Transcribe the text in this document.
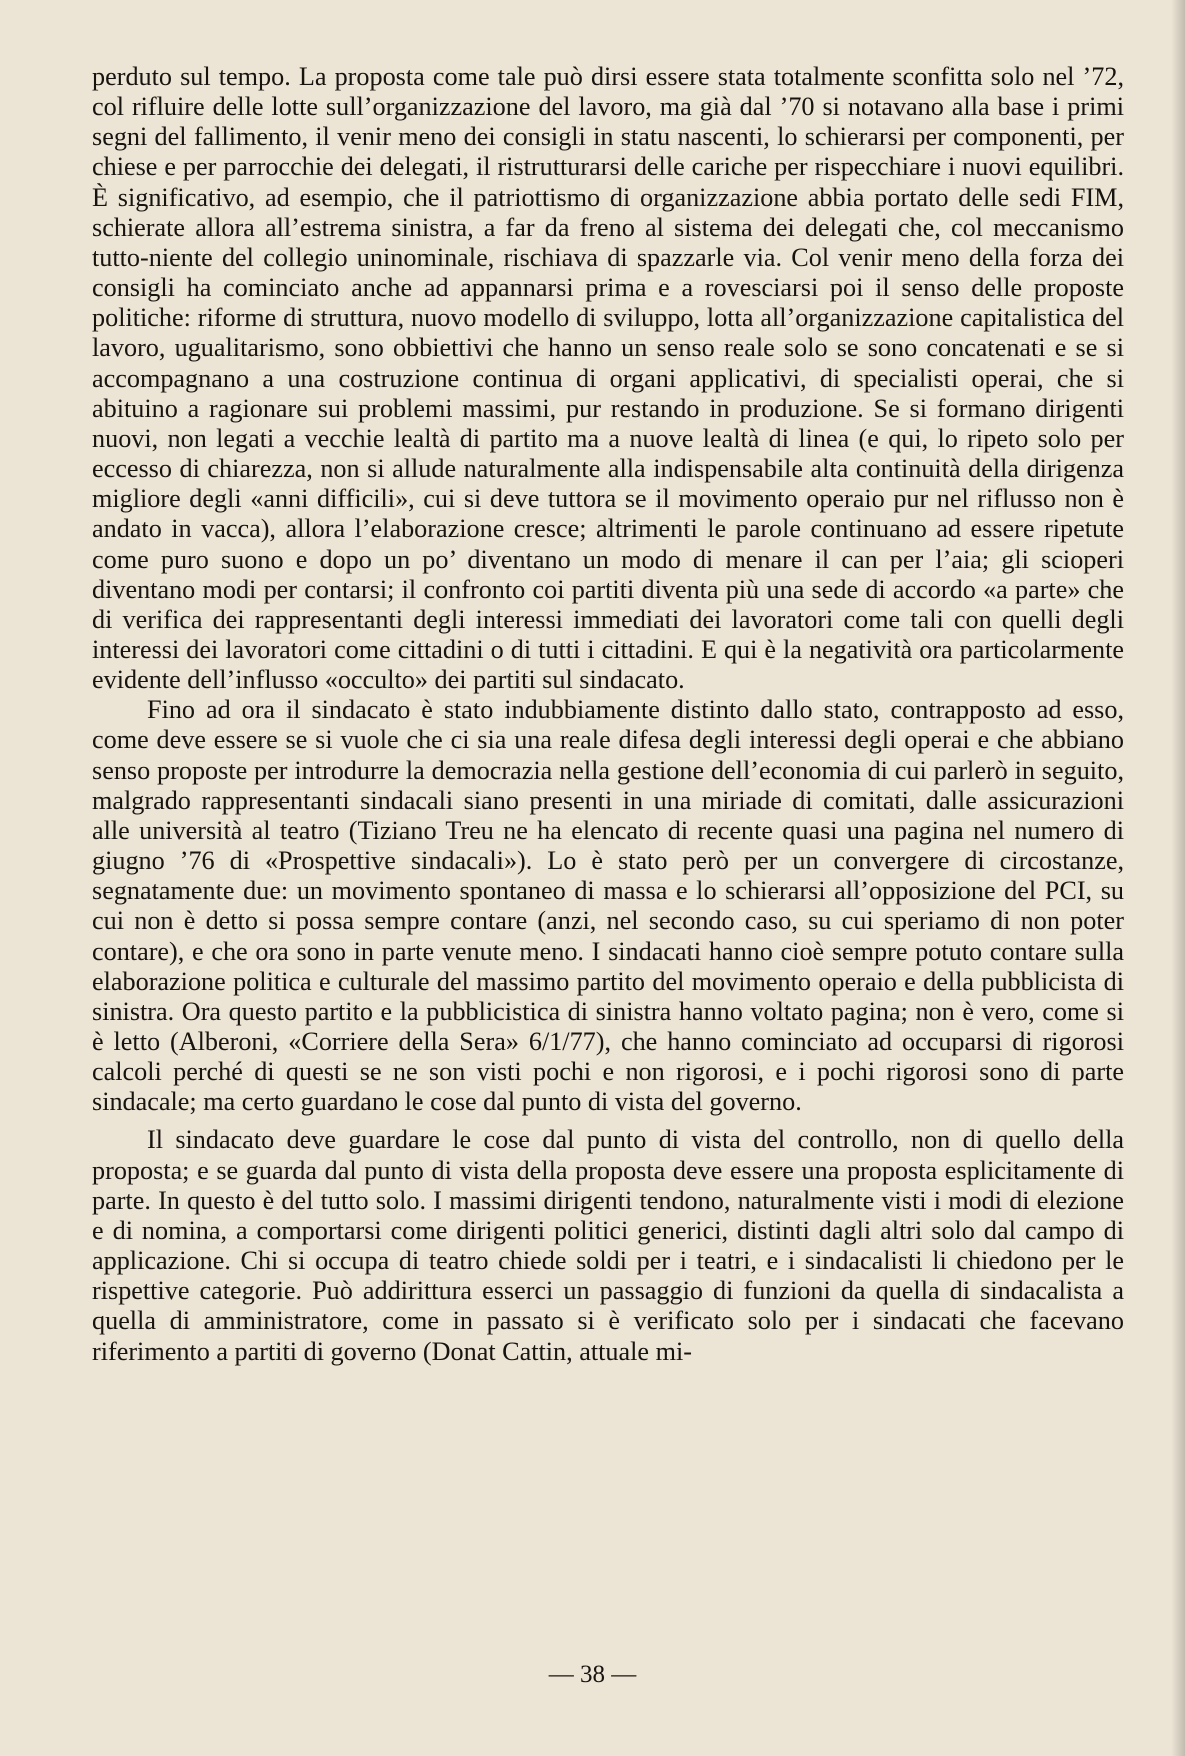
perduto sul tempo. La proposta come tale può dirsi essere stata totalmente sconfitta solo nel ’72, col rifluire delle lotte sull’organizzazione del lavoro, ma già dal ’70 si notavano alla base i primi segni del fallimento, il venir meno dei consigli in statu nascenti, lo schierarsi per componenti, per chiese e per parrocchie dei delegati, il ristrutturarsi delle cariche per rispecchiare i nuovi equilibri. È significativo, ad esempio, che il patriottismo di organizzazione abbia portato delle sedi FIM, schierate allora all’estrema sinistra, a far da freno al sistema dei delegati che, col meccanismo tutto-niente del collegio uninominale, rischiava di spazzarle via. Col venir meno della forza dei consigli ha cominciato anche ad appannarsi prima e a rovesciarsi poi il senso delle proposte politiche: riforme di struttura, nuovo modello di sviluppo, lotta all’organizzazione capitalistica del lavoro, ugualitarismo, sono obbiettivi che hanno un senso reale solo se sono concatenati e se si accompagnano a una costruzione continua di organi applicativi, di specialisti operai, che si abituino a ragionare sui problemi massimi, pur restando in produzione. Se si formano dirigenti nuovi, non legati a vecchie lealtà di partito ma a nuove lealtà di linea (e qui, lo ripeto solo per eccesso di chiarezza, non si allude naturalmente alla indispensabile alta continuità della dirigenza migliore degli «anni difficili», cui si deve tuttora se il movimento operaio pur nel riflusso non è andato in vacca), allora l’elaborazione cresce; altrimenti le parole continuano ad essere ripetute come puro suono e dopo un po’ diventano un modo di menare il can per l’aia; gli scioperi diventano modi per contarsi; il confronto coi partiti diventa più una sede di accordo «a parte» che di verifica dei rappresentanti degli interessi immediati dei lavoratori come tali con quelli degli interessi dei lavoratori come cittadini o di tutti i cittadini. E qui è la negatività ora particolarmente evidente dell’influsso «occulto» dei partiti sul sindacato.

Fino ad ora il sindacato è stato indubbiamente distinto dallo stato, contrapposto ad esso, come deve essere se si vuole che ci sia una reale difesa degli interessi degli operai e che abbiano senso proposte per introdurre la democrazia nella gestione dell’economia di cui parlerò in seguito, malgrado rappresentanti sindacali siano presenti in una miriade di comitati, dalle assicurazioni alle università al teatro (Tiziano Treu ne ha elencato di recente quasi una pagina nel numero di giugno ’76 di «Prospettive sindacali»). Lo è stato però per un convergere di circostanze, segnatamente due: un movimento spontaneo di massa e lo schierarsi all’opposizione del PCI, su cui non è detto si possa sempre contare (anzi, nel secondo caso, su cui speriamo di non poter contare), e che ora sono in parte venute meno. I sindacati hanno cioè sempre potuto contare sulla elaborazione politica e culturale del massimo partito del movimento operaio e della pubblicista di sinistra. Ora questo partito e la pubblicistica di sinistra hanno voltato pagina; non è vero, come si è letto (Alberoni, «Corriere della Sera» 6/1/77), che hanno cominciato ad occuparsi di rigorosi calcoli perché di questi se ne son visti pochi e non rigorosi, e i pochi rigorosi sono di parte sindacale; ma certo guardano le cose dal punto di vista del governo.

Il sindacato deve guardare le cose dal punto di vista del controllo, non di quello della proposta; e se guarda dal punto di vista della proposta deve essere una proposta esplicitamente di parte. In questo è del tutto solo. I massimi dirigenti tendono, naturalmente visti i modi di elezione e di nomina, a comportarsi come dirigenti politici generici, distinti dagli altri solo dal campo di applicazione. Chi si occupa di teatro chiede soldi per i teatri, e i sindacalisti li chiedono per le rispettive categorie. Può addirittura esserci un passaggio di funzioni da quella di sindacalista a quella di amministratore, come in passato si è verificato solo per i sindacati che facevano riferimento a partiti di governo (Donat Cattin, attuale mi-

— 38 —
